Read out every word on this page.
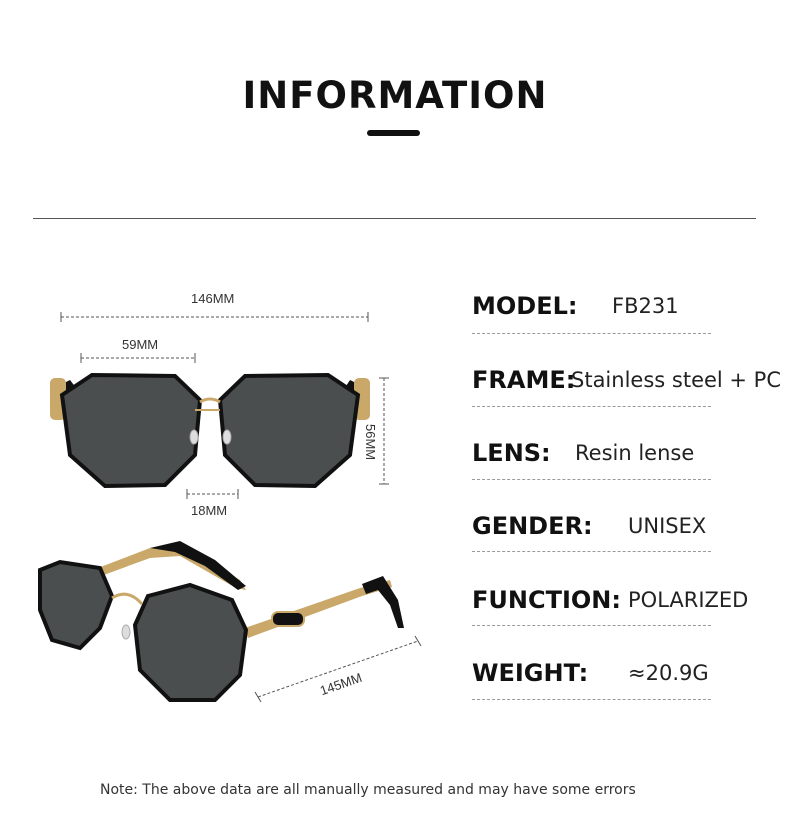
INFORMATION
146MM
59MM
56MM
18MM
145MM
MODEL: FB231
FRAME:
Stainless steel + PC
LENS: Resin lense
GENDER: UNISEX
FUNCTION: POLARIZED
WEIGHT: ≈20.9G
Note: The above data are all manually measured and may have some errors
